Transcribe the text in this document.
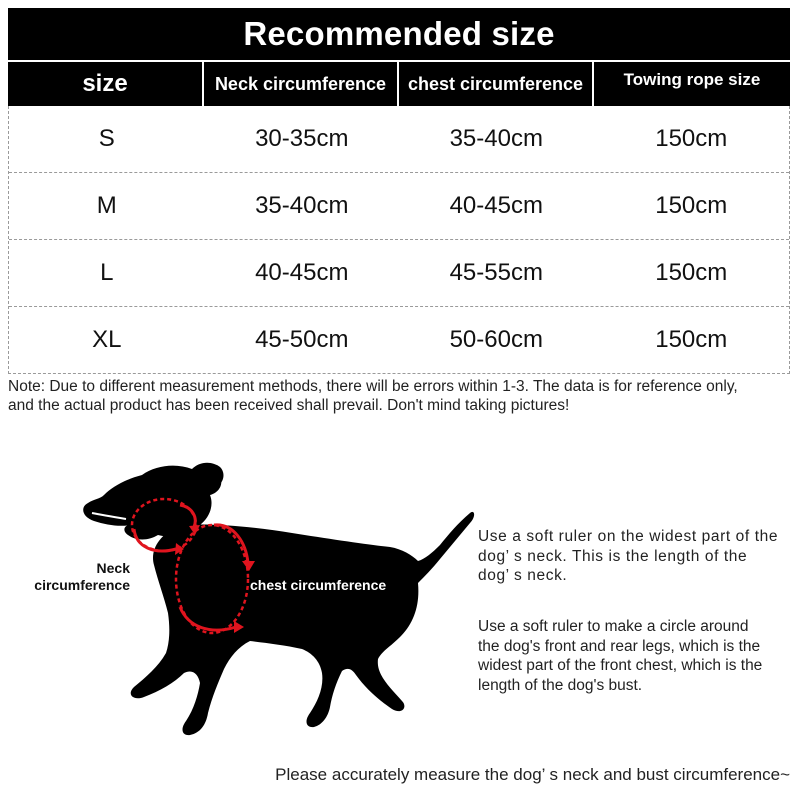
Recommended size
size	Neck circumference	chest circumference	Towing rope size
S	30-35cm	35-40cm	150cm
M	35-40cm	40-45cm	150cm
L	40-45cm	45-55cm	150cm
XL	45-50cm	50-60cm	150cm
Note: Due to different measurement methods, there will be errors within 1-3. The data is for reference only,
and the actual product has been received shall prevail. Don't mind taking pictures!
Neck
circumference	chest circumference
Use a soft ruler on the widest part of the
dog’ s neck. This is the length of the
dog’ s neck.
Use a soft ruler to make a circle around
the dog's front and rear legs, which is the
widest part of the front chest, which is the
length of the dog's bust.
Please accurately measure the dog’ s neck and bust circumference~
